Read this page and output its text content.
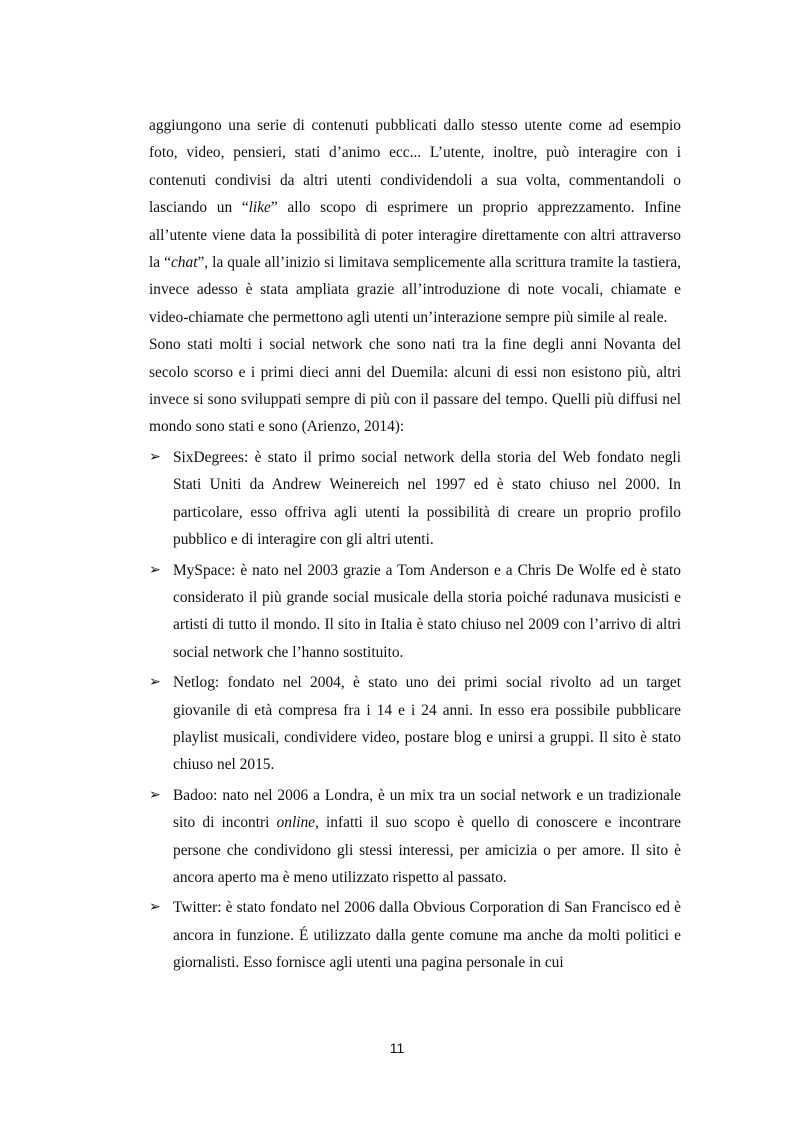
aggiungono una serie di contenuti pubblicati dallo stesso utente come ad esempio foto, video, pensieri, stati d’animo ecc... L’utente, inoltre, può interagire con i contenuti condivisi da altri utenti condividendoli a sua volta, commentandoli o lasciando un “like” allo scopo di esprimere un proprio apprezzamento. Infine all’utente viene data la possibilità di poter interagire direttamente con altri attraverso la “chat”, la quale all’inizio si limitava semplicemente alla scrittura tramite la tastiera, invece adesso è stata ampliata grazie all’introduzione di note vocali, chiamate e video-chiamate che permettono agli utenti un’interazione sempre più simile al reale.

Sono stati molti i social network che sono nati tra la fine degli anni Novanta del secolo scorso e i primi dieci anni del Duemila: alcuni di essi non esistono più, altri invece si sono sviluppati sempre di più con il passare del tempo. Quelli più diffusi nel mondo sono stati e sono (Arienzo, 2014):

➢ SixDegrees: è stato il primo social network della storia del Web fondato negli Stati Uniti da Andrew Weinereich nel 1997 ed è stato chiuso nel 2000. In particolare, esso offriva agli utenti la possibilità di creare un proprio profilo pubblico e di interagire con gli altri utenti.
➢ MySpace: è nato nel 2003 grazie a Tom Anderson e a Chris De Wolfe ed è stato considerato il più grande social musicale della storia poiché radunava musicisti e artisti di tutto il mondo. Il sito in Italia è stato chiuso nel 2009 con l’arrivo di altri social network che l’hanno sostituito.
➢ Netlog: fondato nel 2004, è stato uno dei primi social rivolto ad un target giovanile di età compresa fra i 14 e i 24 anni. In esso era possibile pubblicare playlist musicali, condividere video, postare blog e unirsi a gruppi. Il sito è stato chiuso nel 2015.
➢ Badoo: nato nel 2006 a Londra, è un mix tra un social network e un tradizionale sito di incontri online, infatti il suo scopo è quello di conoscere e incontrare persone che condividono gli stessi interessi, per amicizia o per amore. Il sito è ancora aperto ma è meno utilizzato rispetto al passato.
➢ Twitter: è stato fondato nel 2006 dalla Obvious Corporation di San Francisco ed è ancora in funzione. É utilizzato dalla gente comune ma anche da molti politici e giornalisti. Esso fornisce agli utenti una pagina personale in cui
11
